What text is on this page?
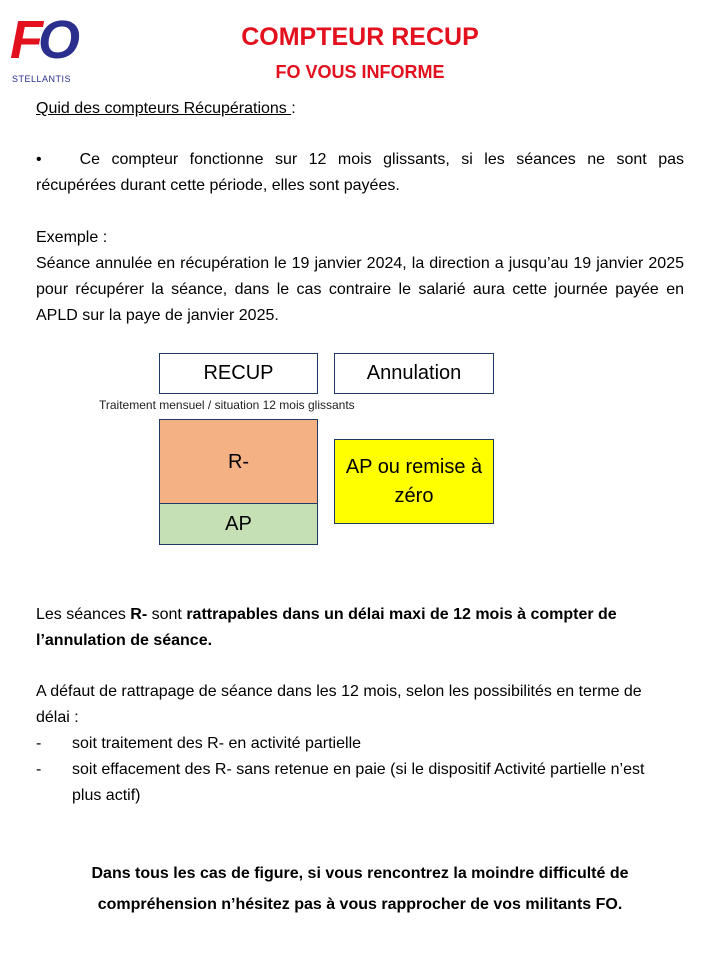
FO
STELLANTIS
COMPTEUR RECUP
FO VOUS INFORME
Quid des compteurs Récupérations :
• Ce compteur fonctionne sur 12 mois glissants, si les séances ne sont pas récupérées durant cette période, elles sont payées.
Exemple :
Séance annulée en récupération le 19 janvier 2024, la direction a jusqu’au 19 janvier 2025 pour récupérer la séance, dans le cas contraire le salarié aura cette journée payée en APLD sur la paye de janvier 2025.
RECUP	Annulation
Traitement mensuel / situation 12 mois glissants
R-
AP
AP ou remise à zéro
Les séances R- sont rattrapables dans un délai maxi de 12 mois à compter de l’annulation de séance.
A défaut de rattrapage de séance dans les 12 mois, selon les possibilités en terme de délai :
-	soit traitement des R- en activité partielle
-	soit effacement des R- sans retenue en paie (si le dispositif Activité partielle n’est plus actif)
Dans tous les cas de figure, si vous rencontrez la moindre difficulté de compréhension n’hésitez pas à vous rapprocher de vos militants FO.
